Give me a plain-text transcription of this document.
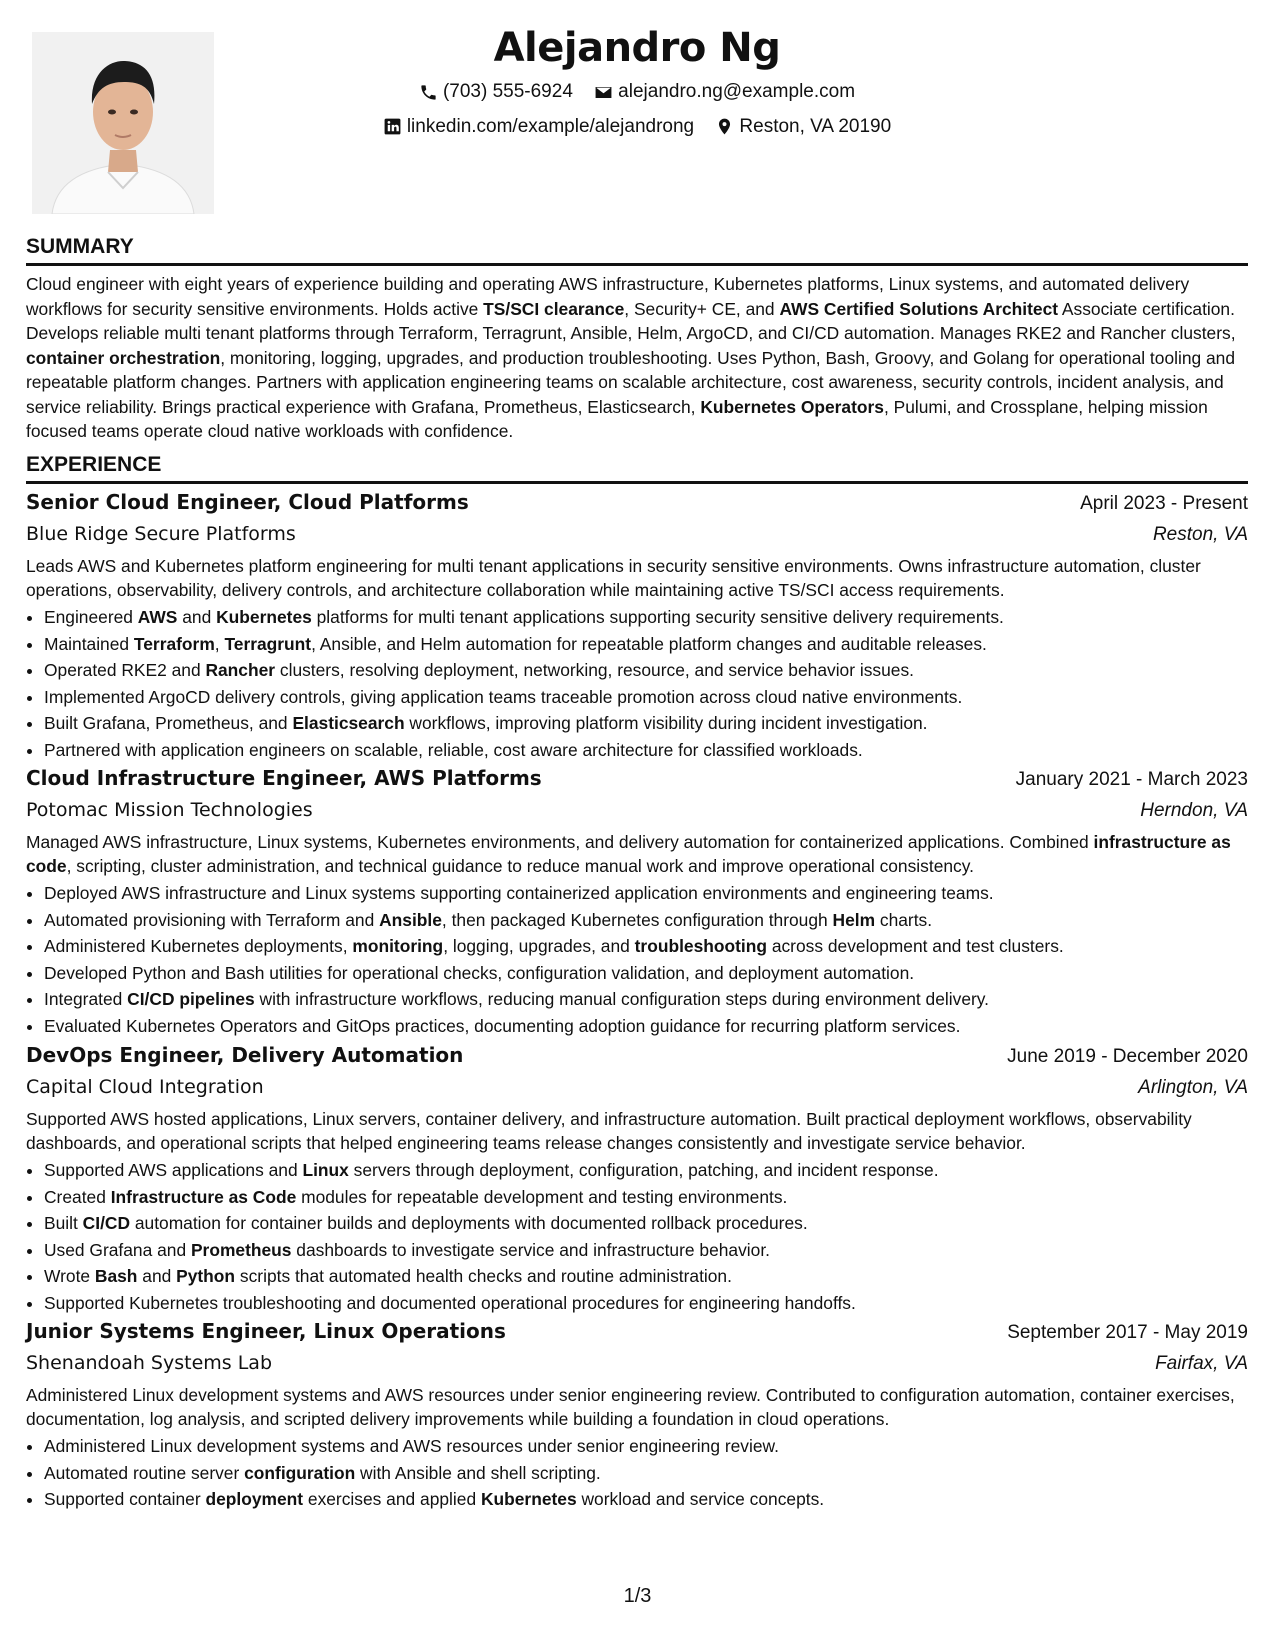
Alejandro Ng
(703) 555-6924
alejandro.ng@example.com
linkedin.com/example/alejandrong
Reston, VA 20190
SUMMARY
Cloud engineer with eight years of experience building and operating AWS infrastructure, Kubernetes platforms, Linux systems, and automated delivery workflows for security sensitive environments. Holds active TS/SCI clearance, Security+ CE, and AWS Certified Solutions Architect Associate certification. Develops reliable multi tenant platforms through Terraform, Terragrunt, Ansible, Helm, ArgoCD, and CI/CD automation. Manages RKE2 and Rancher clusters, container orchestration, monitoring, logging, upgrades, and production troubleshooting. Uses Python, Bash, Groovy, and Golang for operational tooling and repeatable platform changes. Partners with application engineering teams on scalable architecture, cost awareness, security controls, incident analysis, and service reliability. Brings practical experience with Grafana, Prometheus, Elasticsearch, Kubernetes Operators, Pulumi, and Crossplane, helping mission focused teams operate cloud native workloads with confidence.
EXPERIENCE
Senior Cloud Engineer, Cloud Platforms	April 2023 - Present
Blue Ridge Secure Platforms	Reston, VA
Leads AWS and Kubernetes platform engineering for multi tenant applications in security sensitive environments. Owns infrastructure automation, cluster operations, observability, delivery controls, and architecture collaboration while maintaining active TS/SCI access requirements.
• Engineered AWS and Kubernetes platforms for multi tenant applications supporting security sensitive delivery requirements.
• Maintained Terraform, Terragrunt, Ansible, and Helm automation for repeatable platform changes and auditable releases.
• Operated RKE2 and Rancher clusters, resolving deployment, networking, resource, and service behavior issues.
• Implemented ArgoCD delivery controls, giving application teams traceable promotion across cloud native environments.
• Built Grafana, Prometheus, and Elasticsearch workflows, improving platform visibility during incident investigation.
• Partnered with application engineers on scalable, reliable, cost aware architecture for classified workloads.
Cloud Infrastructure Engineer, AWS Platforms	January 2021 - March 2023
Potomac Mission Technologies	Herndon, VA
Managed AWS infrastructure, Linux systems, Kubernetes environments, and delivery automation for containerized applications. Combined infrastructure as code, scripting, cluster administration, and technical guidance to reduce manual work and improve operational consistency.
• Deployed AWS infrastructure and Linux systems supporting containerized application environments and engineering teams.
• Automated provisioning with Terraform and Ansible, then packaged Kubernetes configuration through Helm charts.
• Administered Kubernetes deployments, monitoring, logging, upgrades, and troubleshooting across development and test clusters.
• Developed Python and Bash utilities for operational checks, configuration validation, and deployment automation.
• Integrated CI/CD pipelines with infrastructure workflows, reducing manual configuration steps during environment delivery.
• Evaluated Kubernetes Operators and GitOps practices, documenting adoption guidance for recurring platform services.
DevOps Engineer, Delivery Automation	June 2019 - December 2020
Capital Cloud Integration	Arlington, VA
Supported AWS hosted applications, Linux servers, container delivery, and infrastructure automation. Built practical deployment workflows, observability dashboards, and operational scripts that helped engineering teams release changes consistently and investigate service behavior.
• Supported AWS applications and Linux servers through deployment, configuration, patching, and incident response.
• Created Infrastructure as Code modules for repeatable development and testing environments.
• Built CI/CD automation for container builds and deployments with documented rollback procedures.
• Used Grafana and Prometheus dashboards to investigate service and infrastructure behavior.
• Wrote Bash and Python scripts that automated health checks and routine administration.
• Supported Kubernetes troubleshooting and documented operational procedures for engineering handoffs.
Junior Systems Engineer, Linux Operations	September 2017 - May 2019
Shenandoah Systems Lab	Fairfax, VA
Administered Linux development systems and AWS resources under senior engineering review. Contributed to configuration automation, container exercises, documentation, log analysis, and scripted delivery improvements while building a foundation in cloud operations.
• Administered Linux development systems and AWS resources under senior engineering review.
• Automated routine server configuration with Ansible and shell scripting.
• Supported container deployment exercises and applied Kubernetes workload and service concepts.
1/3
